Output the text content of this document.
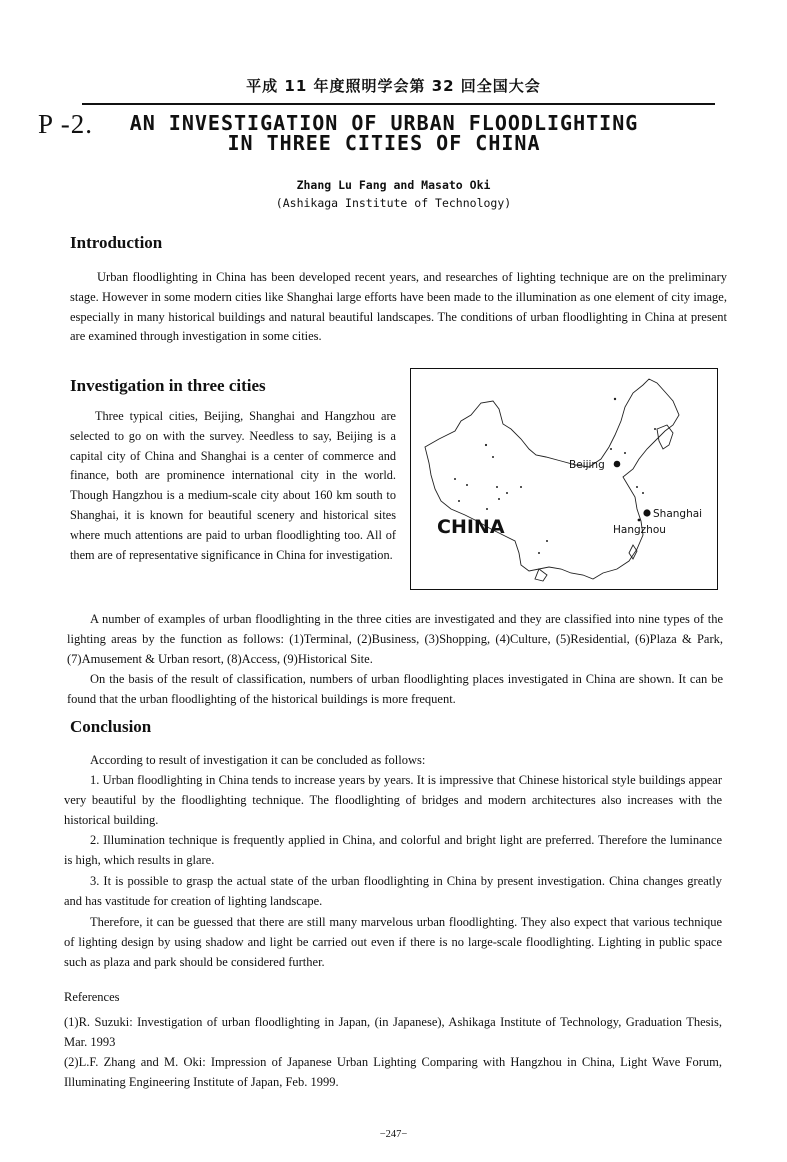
平成 11 年度照明学会第 32 回全国大会
P -2.	AN INVESTIGATION OF URBAN FLOODLIGHTING
IN THREE CITIES OF CHINA
Zhang Lu Fang and Masato Oki
(Ashikaga Institute of Technology)
Introduction

Urban floodlighting in China has been developed recent years, and researches of lighting technique are on the preliminary stage. However in some modern cities like Shanghai large efforts have been made to the illumination as one element of city image, especially in many historical buildings and natural beautiful landscapes. The conditions of urban floodlighting in China at present are examined through investigation in some cities.

Investigation in three cities

Three typical cities, Beijing, Shanghai and Hangzhou are selected to go on with the survey. Needless to say, Beijing is a capital city of China and Shanghai is a center of commerce and finance, both are prominence international city in the world. Though Hangzhou is a medium-scale city about 160 km south to Shanghai, it is known for beautiful scenery and historical sites where much attentions are paid to urban floodlighting too. All of them are of representative significance in China for investigation.

CHINA
Beijing
Shanghai
Hangzhou

A number of examples of urban floodlighting in the three cities are investigated and they are classified into nine types of the lighting areas by the function as follows: (1)Terminal, (2)Business, (3)Shopping, (4)Culture, (5)Residential, (6)Plaza & Park, (7)Amusement & Urban resort, (8)Access, (9)Historical Site.

On the basis of the result of classification, numbers of urban floodlighting places investigated in China are shown. It can be found that the urban floodlighting of the historical buildings is more frequent.

Conclusion

According to result of investigation it can be concluded as follows:

1. Urban floodlighting in China tends to increase years by years. It is impressive that Chinese historical style buildings appear very beautiful by the floodlighting technique. The floodlighting of bridges and modern architectures also increases with the historical building.

2. Illumination technique is frequently applied in China, and colorful and bright light are preferred. Therefore the luminance is high, which results in glare.

3. It is possible to grasp the actual state of the urban floodlighting in China by present investigation. China changes greatly and has vastitude for creation of lighting landscape.

Therefore, it can be guessed that there are still many marvelous urban floodlighting. They also expect that various technique of lighting design by using shadow and light be carried out even if there is no large-scale floodlighting. Lighting in public space such as plaza and park should be considered further.

References

(1)R. Suzuki: Investigation of urban floodlighting in Japan, (in Japanese), Ashikaga Institute of Technology, Graduation Thesis, Mar. 1993

(2)L.F. Zhang and M. Oki: Impression of Japanese Urban Lighting Comparing with Hangzhou in China, Light Wave Forum, Illuminating Engineering Institute of Japan, Feb. 1999.

−247−
